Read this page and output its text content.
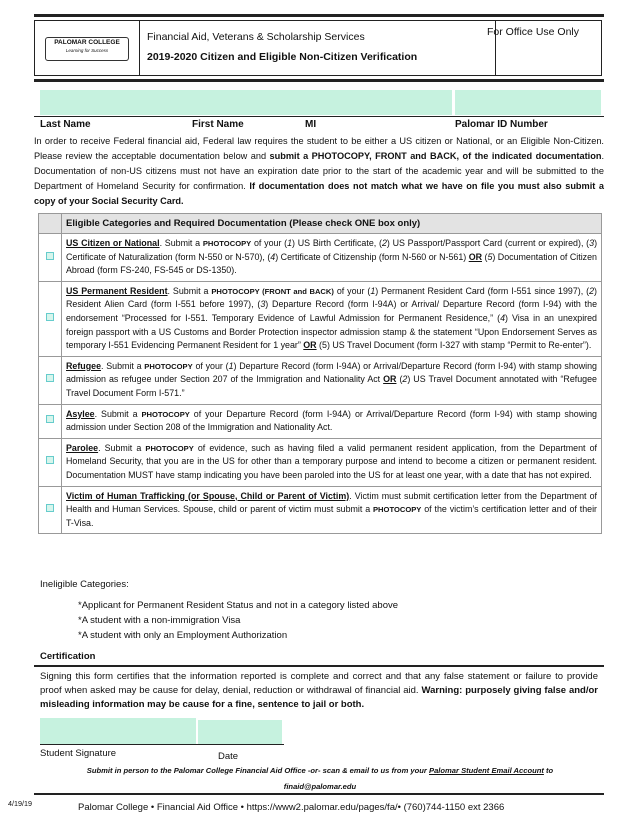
PALOMAR COLLEGE
Learning for Success
Financial Aid, Veterans & Scholarship Services
2019-2020 Citizen and Eligible Non-Citizen Verification
For Office Use Only
Last Name	First Name	MI	Palomar ID Number
In order to receive Federal financial aid, Federal law requires the student to be either a US citizen or National, or an Eligible Non-Citizen. Please review the acceptable documentation below and submit a PHOTOCOPY, FRONT and BACK, of the indicated documentation. Documentation of non-US citizens must not have an expiration date prior to the start of the academic year and will be submitted to the Department of Homeland Security for confirmation. If documentation does not match what we have on file you must also submit a copy of your Social Security Card.
	Eligible Categories and Required Documentation (Please check ONE box only)
	US Citizen or National. Submit a PHOTOCOPY of your (1) US Birth Certificate, (2) US Passport/Passport Card (current or expired), (3) Certificate of Naturalization (form N-550 or N-570), (4) Certificate of Citizenship (form N-560 or N-561) OR (5) Documentation of Citizen Abroad (form FS-240, FS-545 or DS-1350).
	US Permanent Resident. Submit a PHOTOCOPY (FRONT and BACK) of your (1) Permanent Resident Card (form I-551 since 1997), (2) Resident Alien Card (form I-551 before 1997), (3) Departure Record (form I-94A) or Arrival/ Departure Record (form I-94) with the endorsement “Processed for I-551. Temporary Evidence of Lawful Admission for Permanent Residence,” (4) Visa in an unexpired foreign passport with a US Customs and Border Protection inspector admission stamp & the statement “Upon Endorsement Serves as temporary I-551 Evidencing Permanent Resident for 1 year” OR (5) US Travel Document (form I-327 with stamp “Permit to Re-enter”).
	Refugee. Submit a PHOTOCOPY of your (1) Departure Record (form I-94A) or Arrival/Departure Record (form I-94) with stamp showing admission as refugee under Section 207 of the Immigration and Nationality Act OR (2) US Travel Document annotated with “Refugee Travel Document Form I-571.”
	Asylee. Submit a PHOTOCOPY of your Departure Record (form I-94A) or Arrival/Departure Record (form I-94) with stamp showing admission under Section 208 of the Immigration and Nationality Act.
	Parolee. Submit a PHOTOCOPY of evidence, such as having filed a valid permanent resident application, from the Department of Homeland Security, that you are in the US for other than a temporary purpose and intend to become a citizen or permanent resident. Documentation MUST have stamp indicating you have been paroled into the US for at least one year, with a date that has not expired.
	Victim of Human Trafficking (or Spouse, Child or Parent of Victim). Victim must submit certification letter from the Department of Health and Human Services. Spouse, child or parent of victim must submit a PHOTOCOPY of the victim’s certification letter and of their T-Visa.
Ineligible Categories:
*Applicant for Permanent Resident Status and not in a category listed above
*A student with a non-immigration Visa
*A student with only an Employment Authorization
Certification
Signing this form certifies that the information reported is complete and correct and that any false statement or failure to provide proof when asked may be cause for delay, denial, reduction or withdrawal of financial aid. Warning: purposely giving false and/or misleading information may be cause for a fine, sentence to jail or both.
Student Signature	Date
Submit in person to the Palomar College Financial Aid Office -or- scan & email to us from your Palomar Student Email Account to
finaid@palomar.edu
4/19/19	Palomar College • Financial Aid Office • https://www2.palomar.edu/pages/fa/• (760)744-1150 ext 2366
